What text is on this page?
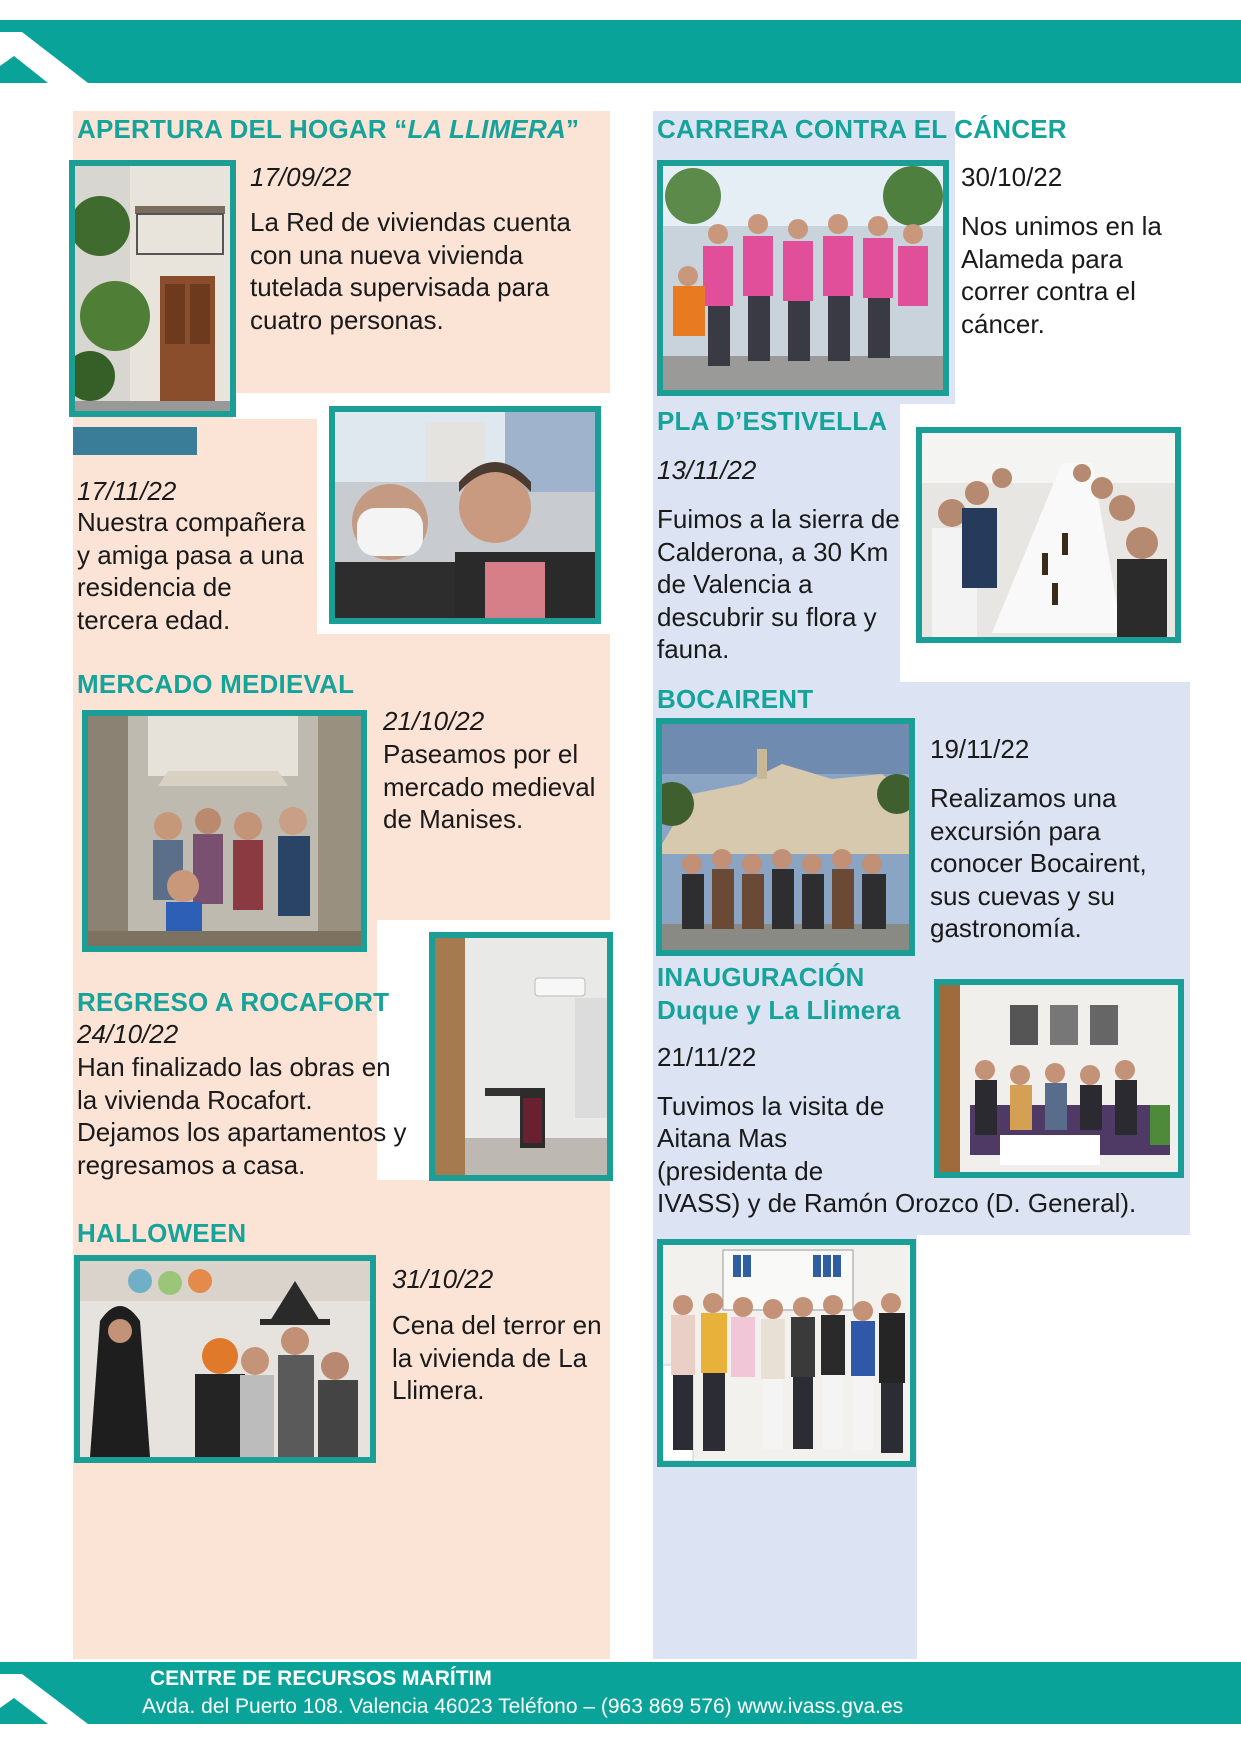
APERTURA DEL HOGAR “LA LLIMERA”
17/09/22
La Red de viviendas cuenta con una nueva vivienda tutelada supervisada para cuatro personas.
17/11/22
Nuestra compañera y amiga pasa a una residencia de tercera edad.
MERCADO MEDIEVAL
21/10/22
Paseamos por el mercado medieval de Manises.
REGRESO A ROCAFORT
24/10/22
Han finalizado las obras en la vivienda Rocafort. Dejamos los apartamentos y regresamos a casa.
HALLOWEEN
31/10/22
Cena del terror en la vivienda de La Llimera.
CARRERA CONTRA EL CÁNCER
30/10/22
Nos unimos en la Alameda para correr contra el cáncer.
PLA D’ESTIVELLA
13/11/22
Fuimos a la sierra de Calderona, a 30 Km de Valencia a descubrir su flora y fauna.
BOCAIRENT
19/11/22
Realizamos una excursión para conocer Bocairent, sus cuevas y su gastronomía.
INAUGURACIÓN
Duque y La Llimera
21/11/22
Tuvimos la visita de
Aitana Mas
(presidenta de
IVASS) y de Ramón Orozco (D. General).
CENTRE DE RECURSOS MARÍTIM
Avda. del Puerto 108. Valencia 46023 Teléfono – (963 869 576) www.ivass.gva.es
